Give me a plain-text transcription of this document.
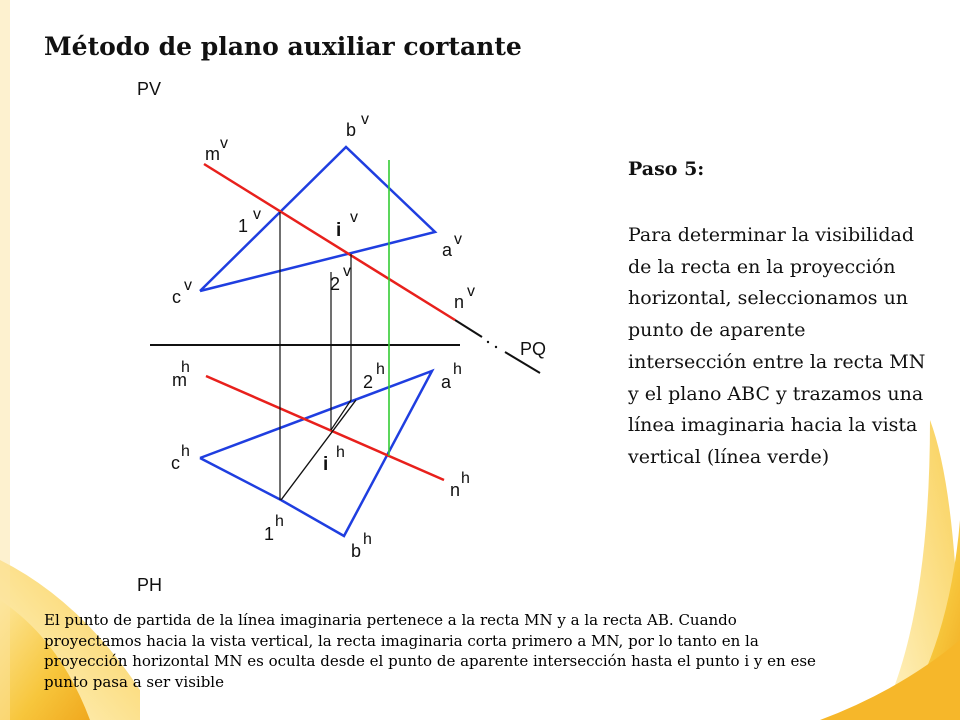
Método de plano auxiliar cortante
PV
PH
PQ
m
v
b
v
1
v
i
v
a
v
c
v	2
v
n
v
m
h
2
h
a
h
c
h
i
h
n
h
1
h
b
h
Paso 5:
Para determinar la visibilidad de la recta en la proyección horizontal, seleccionamos un punto de aparente intersección entre la recta MN y el plano ABC y trazamos una línea imaginaria hacia la vista vertical (línea verde)
El punto de partida de la línea imaginaria pertenece a la recta MN y a la recta AB. Cuando proyectamos hacia la vista vertical, la recta imaginaria corta primero a MN, por lo tanto en la proyección horizontal MN es oculta desde el punto de aparente intersección hasta el punto i y en ese punto pasa a ser visible
